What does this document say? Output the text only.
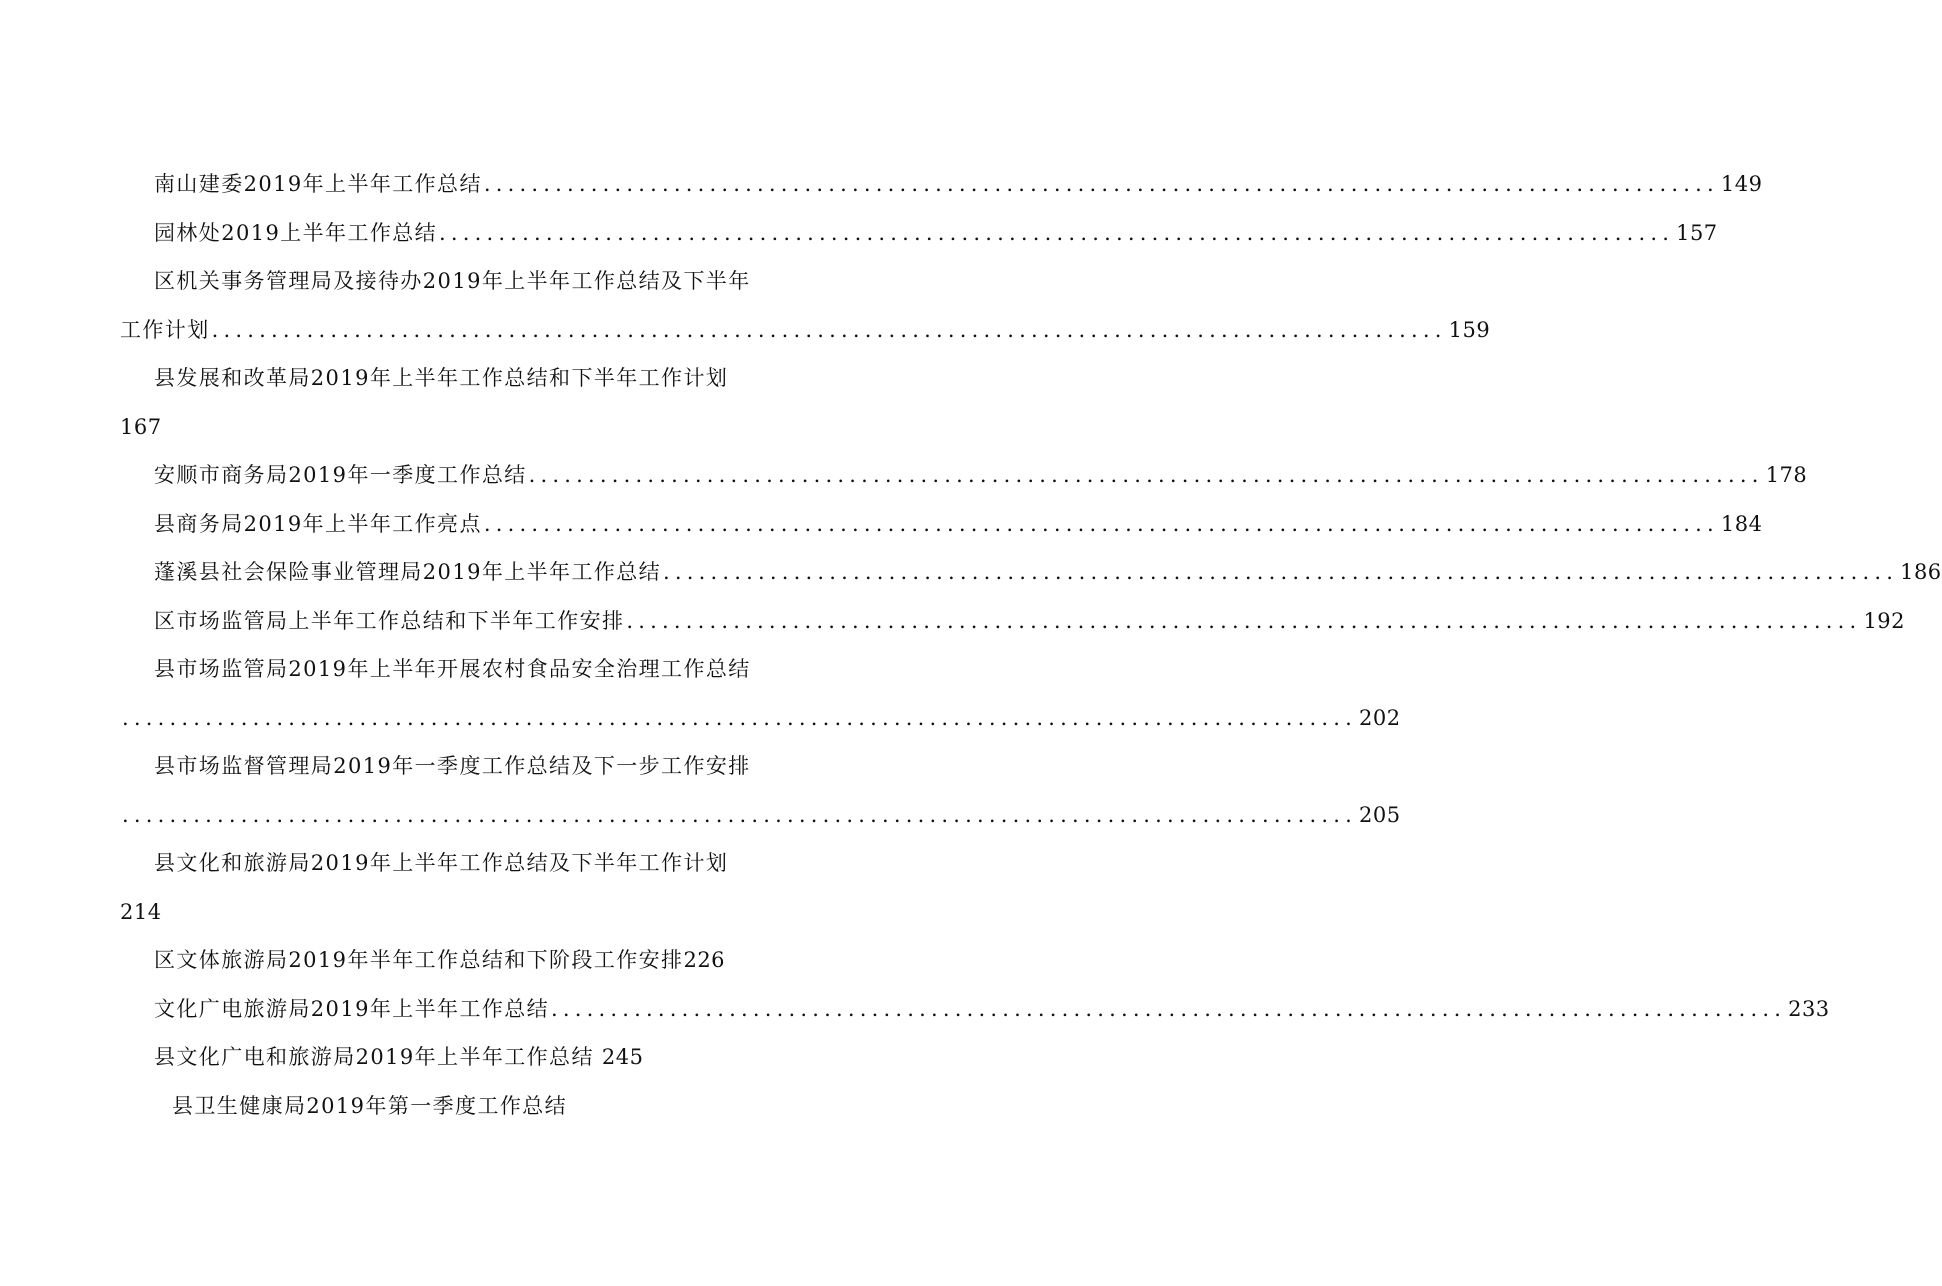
南山建委2019年上半年工作总结 ........................................................................................................ 149
园林处2019上半年工作总结 ........................................................................................................ 157
区机关事务管理局及接待办2019年上半年工作总结及下半年
工作计划 ........................................................................................................ 159
县发展和改革局2019年上半年工作总结和下半年工作计划
167
安顺市商务局2019年一季度工作总结 ........................................................................................................ 178
县商务局2019年上半年工作亮点 ........................................................................................................ 184
蓬溪县社会保险事业管理局2019年上半年工作总结 ........................................................................................................ 186
区市场监管局上半年工作总结和下半年工作安排 ........................................................................................................ 192
县市场监管局2019年上半年开展农村食品安全治理工作总结
........................................................................................................ 202
县市场监督管理局2019年一季度工作总结及下一步工作安排
........................................................................................................ 205
县文化和旅游局2019年上半年工作总结及下半年工作计划
214
区文体旅游局2019年半年工作总结和下阶段工作安排226
文化广电旅游局2019年上半年工作总结 ........................................................................................................ 233
县文化广电和旅游局2019年上半年工作总结 245
县卫生健康局2019年第一季度工作总结
